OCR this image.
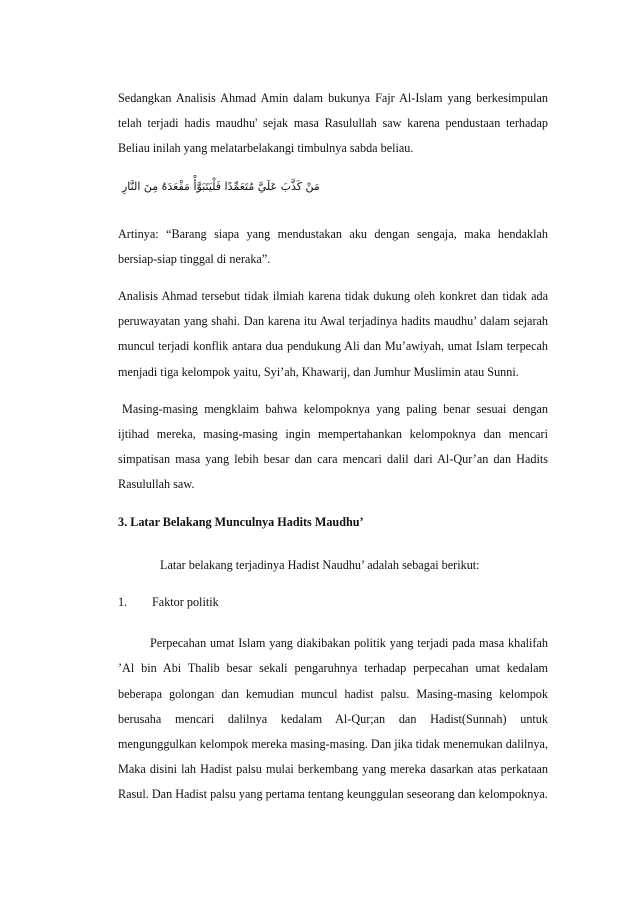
Sedangkan Analisis Ahmad Amin dalam bukunya Fajr Al-Islam yang berkesimpulan telah terjadi hadis maudhu' sejak masa Rasulullah saw karena pendustaan terhadap Beliau inilah yang melatarbelakangi timbulnya sabda beliau.

مَنْ كَذَّبَ عَلَيَّ مُتَعَمِّدًا فَلْيَتَبَوَّأْ مَقْعَدَهُ مِنَ النَّارِ

Artinya: “Barang siapa yang mendustakan aku dengan sengaja, maka hendaklah bersiap-siap tinggal di neraka”.

Analisis Ahmad tersebut tidak ilmiah karena tidak dukung oleh konkret dan tidak ada peruwayatan yang shahi. Dan karena itu Awal terjadinya hadits maudhu’ dalam sejarah muncul terjadi konflik antara dua pendukung Ali dan Mu’awiyah, umat Islam terpecah menjadi tiga kelompok yaitu, Syi’ah, Khawarij, dan Jumhur Muslimin atau Sunni.

Masing-masing mengklaim bahwa kelompoknya yang paling benar sesuai dengan ijtihad mereka, masing-masing ingin mempertahankan kelompoknya dan mencari simpatisan masa yang lebih besar dan cara mencari dalil dari Al-Qur’an dan Hadits Rasulullah saw.

3. Latar Belakang Munculnya Hadits Maudhu’

Latar belakang terjadinya Hadist Naudhu’ adalah sebagai berikut:

1.	Faktor politik

Perpecahan umat Islam yang diakibakan politik yang terjadi pada masa khalifah ’Al bin Abi Thalib besar sekali pengaruhnya terhadap perpecahan umat kedalam beberapa golongan dan kemudian muncul hadist palsu. Masing-masing kelompok berusaha mencari dalilnya kedalam Al-Qur;an dan Hadist(Sunnah) untuk mengunggulkan kelompok mereka masing-masing. Dan jika tidak menemukan dalilnya, Maka disini lah Hadist palsu mulai berkembang yang mereka dasarkan atas perkataan Rasul. Dan Hadist palsu yang pertama tentang keunggulan seseorang dan kelompoknya.
